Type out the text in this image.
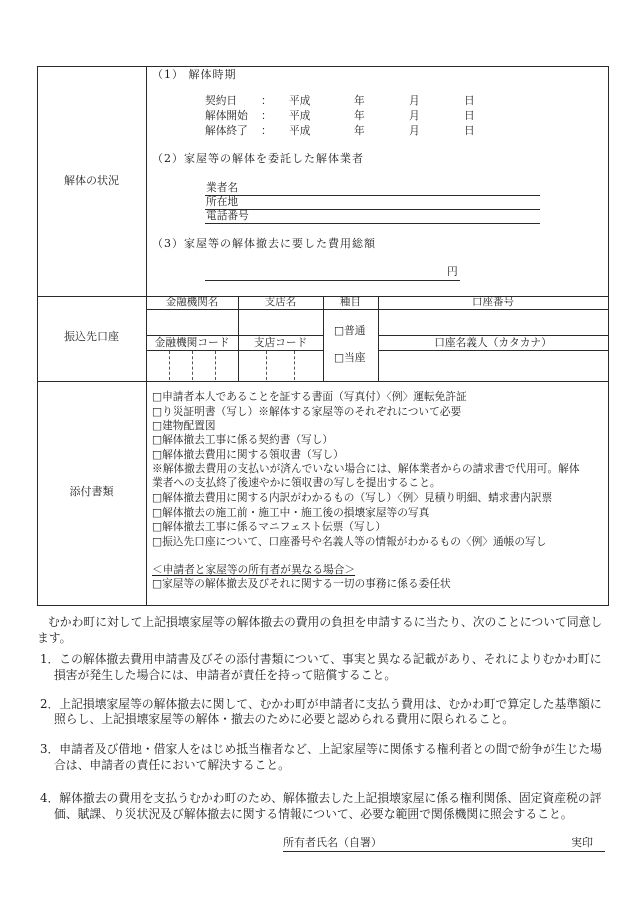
解体の状況
（1） 解体時期
契約日 ： 平成	年	月	日
解体開始 ： 平成	年	月	日
解体終了 ： 平成	年	月	日
（2）家屋等の解体を委託した解体業者
業者名
所在地
電話番号
（3）家屋等の解体撤去に要した費用総額
円
振込先口座
金融機関名	支店名	種目	口座番号
金融機関コード	支店コード	口座名義人（カタカナ）
□普通
□当座
添付書類
□申請者本人であることを証する書面（写真付）〈例〉運転免許証
□り災証明書（写し）※解体する家屋等のそれぞれについて必要
□建物配置図
□解体撤去工事に係る契約書（写し）
□解体撤去費用に関する領収書（写し）
※解体撤去費用の支払いが済んでいない場合には、解体業者からの請求書で代用可。解体
業者への支払終了後速やかに領収書の写しを提出すること。
□解体撤去費用に関する内訳がわかるもの（写し）〈例〉見積り明細、蜻求書内訳票
□解体撤去の施工前・施工中・施工後の損壊家屋等の写真
□解体撤去工事に係るマニフェスト伝票（写し）
□振込先口座について、口座番号や名義人等の情報がわかるもの〈例〉通帳の写し
＜申請者と家屋等の所有者が異なる場合＞
□家屋等の解体撤去及びそれに関する一切の事務に係る委任状
むかわ町に対して上記損壊家屋等の解体撤去の費用の負担を申請するに当たり、次のことについて同意し
ます。
1．この解体撤去費用申請書及びその添付書類について、事実と異なる記載があり、それによりむかわ町に
損害が発生した場合には、申請者が責任を持って賠償すること。
2．上記損壊家屋等の解体撤去に関して、むかわ町が申請者に支払う費用は、むかわ町で算定した基準額に
照らし、上記損壊家屋等の解体・撤去のために必要と認められる費用に限られること。
3．申請者及び借地・借家人をはじめ抵当権者など、上記家屋等に関係する権利者との間で紛争が生じた場
合は、申請者の責任において解決すること。
4．解体撤去の費用を支払うむかわ町のため、解体撤去した上記損壊家屋に係る権利関係、固定資産税の評
価、賦課、り災状況及び解体撤去に関する情報について、必要な範囲で関係機関に照会すること。
所有者氏名（自署）	実印
